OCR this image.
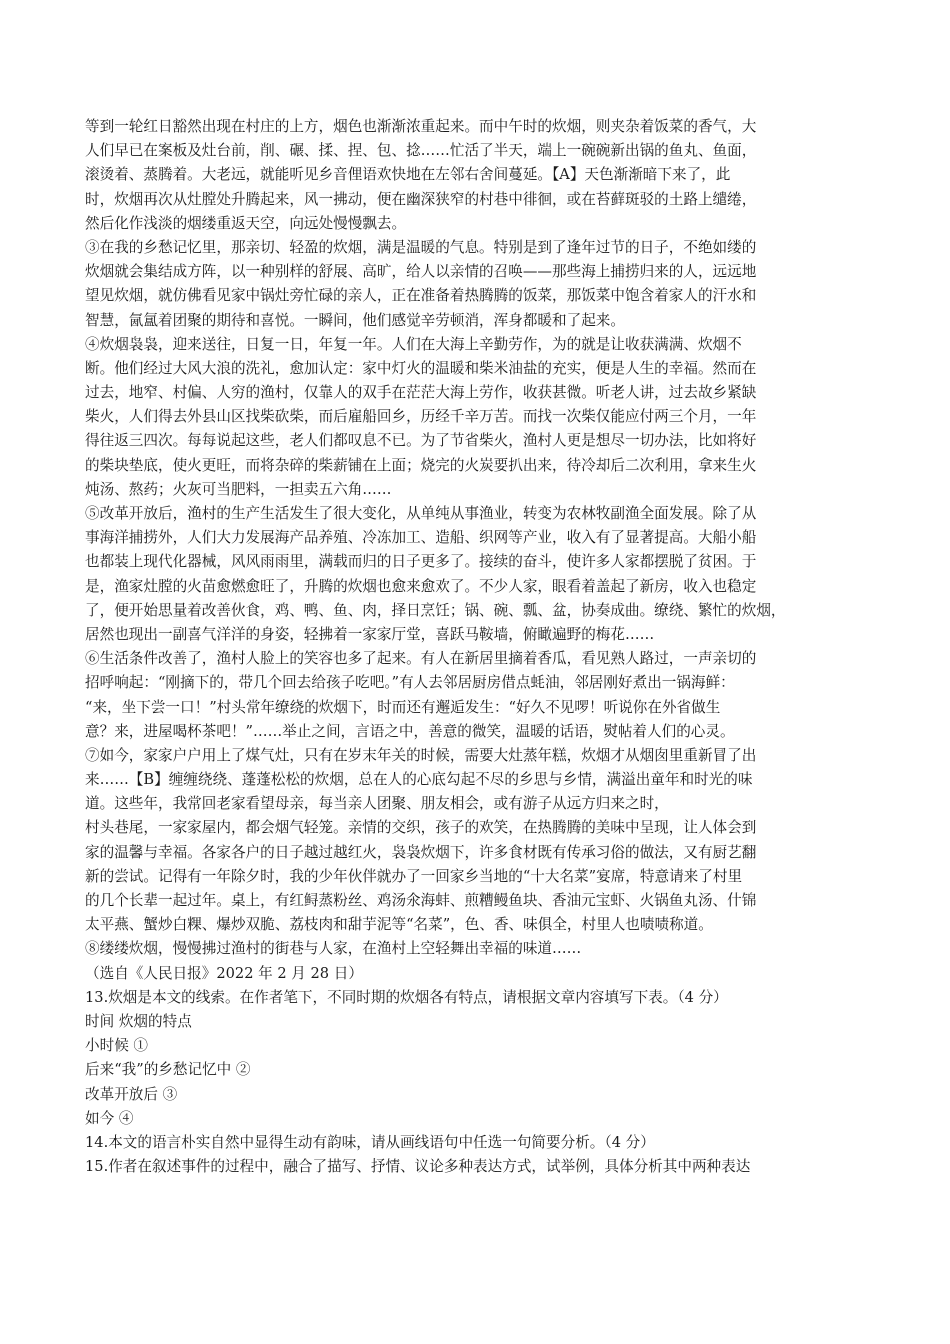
等到一轮红日豁然出现在村庄的上方，烟色也渐渐浓重起来。而中午时的炊烟，则夹杂着饭菜的香气，大
人们早已在案板及灶台前，削、碾、揉、捏、包、捻……忙活了半天，端上一碗碗新出锅的鱼丸、鱼面，
滚烫着、蒸腾着。大老远，就能听见乡音俚语欢快地在左邻右舍间蔓延。【A】天色渐渐暗下来了，此
时，炊烟再次从灶膛处升腾起来，风一拂动，便在幽深狭窄的村巷中徘徊，或在苔藓斑驳的土路上缱绻，
然后化作浅淡的烟缕重返天空，向远处慢慢飘去。
③在我的乡愁记忆里，那亲切、轻盈的炊烟，满是温暖的气息。特别是到了逢年过节的日子，不绝如缕的
炊烟就会集结成方阵，以一种别样的舒展、高旷，给人以亲情的召唤——那些海上捕捞归来的人，远远地
望见炊烟，就仿佛看见家中锅灶旁忙碌的亲人，正在准备着热腾腾的饭菜，那饭菜中饱含着家人的汗水和
智慧，氤氲着团聚的期待和喜悦。一瞬间，他们感觉辛劳顿消，浑身都暖和了起来。
④炊烟袅袅，迎来送往，日复一日，年复一年。人们在大海上辛勤劳作，为的就是让收获满满、炊烟不
断。他们经过大风大浪的洗礼，愈加认定：家中灯火的温暖和柴米油盐的充实，便是人生的幸福。然而在
过去，地窄、村偏、人穷的渔村，仅靠人的双手在茫茫大海上劳作，收获甚微。听老人讲，过去故乡紧缺
柴火，人们得去外县山区找柴砍柴，而后雇船回乡，历经千辛万苦。而找一次柴仅能应付两三个月，一年
得往返三四次。每每说起这些，老人们都叹息不已。为了节省柴火，渔村人更是想尽一切办法，比如将好
的柴块垫底，使火更旺，而将杂碎的柴薪铺在上面；烧完的火炭要扒出来，待冷却后二次利用，拿来生火
炖汤、熬药；火灰可当肥料，一担卖五六角……
⑤改革开放后，渔村的生产生活发生了很大变化，从单纯从事渔业，转变为农林牧副渔全面发展。除了从
事海洋捕捞外，人们大力发展海产品养殖、冷冻加工、造船、织网等产业，收入有了显著提高。大船小船
也都装上现代化器械，风风雨雨里，满载而归的日子更多了。接续的奋斗，使许多人家都摆脱了贫困。于
是，渔家灶膛的火苗愈燃愈旺了，升腾的炊烟也愈来愈欢了。不少人家，眼看着盖起了新房，收入也稳定
了，便开始思量着改善伙食，鸡、鸭、鱼、肉，择日烹饪；锅、碗、瓢、盆，协奏成曲。缭绕、繁忙的炊烟，
居然也现出一副喜气洋洋的身姿，轻拂着一家家厅堂，喜跃马鞍墙，俯瞰遍野的梅花……
⑥生活条件改善了，渔村人脸上的笑容也多了起来。有人在新居里摘着香瓜，看见熟人路过，一声亲切的
招呼响起：“刚摘下的，带几个回去给孩子吃吧。”有人去邻居厨房借点蚝油，邻居刚好煮出一锅海鲜：
“来，坐下尝一口！”村头常年缭绕的炊烟下，时而还有邂逅发生：“好久不见啰！听说你在外省做生
意？来，进屋喝杯茶吧！”……举止之间，言语之中，善意的微笑，温暖的话语，熨帖着人们的心灵。
⑦如今，家家户户用上了煤气灶，只有在岁末年关的时候，需要大灶蒸年糕，炊烟才从烟囱里重新冒了出
来……【B】缠缠绕绕、蓬蓬松松的炊烟，总在人的心底勾起不尽的乡思与乡情，满溢出童年和时光的味
道。这些年，我常回老家看望母亲，每当亲人团聚、朋友相会，或有游子从远方归来之时，
村头巷尾，一家家屋内，都会烟气轻笼。亲情的交织，孩子的欢笑，在热腾腾的美味中呈现，让人体会到
家的温馨与幸福。各家各户的日子越过越红火，袅袅炊烟下，许多食材既有传承习俗的做法，又有厨艺翻
新的尝试。记得有一年除夕时，我的少年伙伴就办了一回家乡当地的“十大名菜”宴席，特意请来了村里
的几个长辈一起过年。桌上，有红鲟蒸粉丝、鸡汤氽海蚌、煎糟鳗鱼块、香油元宝虾、火锅鱼丸汤、什锦
太平燕、蟹炒白粿、爆炒双脆、荔枝肉和甜芋泥等“名菜”，色、香、味俱全，村里人也啧啧称道。
⑧缕缕炊烟，慢慢拂过渔村的街巷与人家，在渔村上空轻舞出幸福的味道……
（选自《人民日报》2022 年 2 月 28 日）
13.炊烟是本文的线索。在作者笔下，不同时期的炊烟各有特点，请根据文章内容填写下表。（4 分）
时间 炊烟的特点
小时候 ①
后来“我”的乡愁记忆中 ②
改革开放后 ③
如今 ④
14.本文的语言朴实自然中显得生动有韵味，请从画线语句中任选一句简要分析。（4 分）
15.作者在叙述事件的过程中，融合了描写、抒情、议论多种表达方式，试举例，具体分析其中两种表达
